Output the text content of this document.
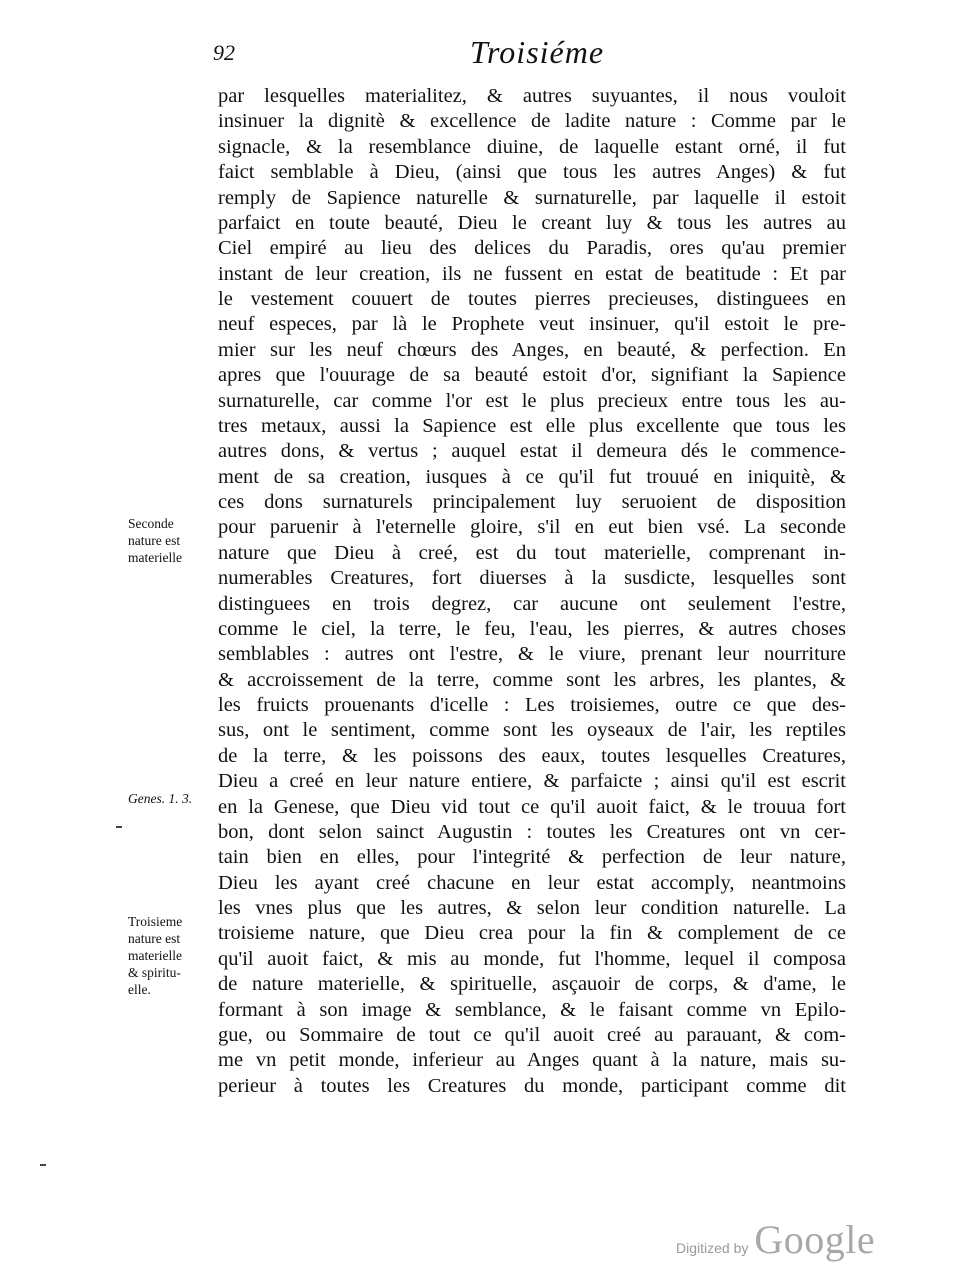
92	Troisiéme
par lesquelles materialitez, & autres suyuantes, il nous vouloit
insinuer la dignitè & excellence de ladite nature : Comme par le
signacle, & la resemblance diuine, de laquelle estant orné, il fut
faict semblable à Dieu, (ainsi que tous les autres Anges) & fut
remply de Sapience naturelle & surnaturelle, par laquelle il estoit
parfaict en toute beauté, Dieu le creant luy & tous les autres au
Ciel empiré au lieu des delices du Paradis, ores qu'au premier
instant de leur creation, ils ne fussent en estat de beatitude : Et par
le vestement couuert de toutes pierres precieuses, distinguees en
neuf especes, par là le Prophete veut insinuer, qu'il estoit le pre-
mier sur les neuf chœurs des Anges, en beauté, & perfection. En
apres que l'ouurage de sa beauté estoit d'or, signifiant la Sapience
surnaturelle, car comme l'or est le plus precieux entre tous les au-
tres metaux, aussi la Sapience est elle plus excellente que tous les
autres dons, & vertus ; auquel estat il demeura dés le commence-
ment de sa creation, iusques à ce qu'il fut trouué en iniquitè, &
ces dons surnaturels principalement luy seruoient de disposition
pour paruenir à l'eternelle gloire, s'il en eut bien vsé. La seconde
nature que Dieu à creé, est du tout materielle, comprenant in-
numerables Creatures, fort diuerses à la susdicte, lesquelles sont
distinguees en trois degrez, car aucune ont seulement l'estre,
comme le ciel, la terre, le feu, l'eau, les pierres, & autres choses
semblables : autres ont l'estre, & le viure, prenant leur nourriture
& accroissement de la terre, comme sont les arbres, les plantes, &
les fruicts prouenants d'icelle : Les troisiemes, outre ce que des-
sus, ont le sentiment, comme sont les oyseaux de l'air, les reptiles
de la terre, & les poissons des eaux, toutes lesquelles Creatures,
Dieu a creé en leur nature entiere, & parfaicte ; ainsi qu'il est escrit
en la Genese, que Dieu vid tout ce qu'il auoit faict, & le trouua fort
bon, dont selon sainct Augustin : toutes les Creatures ont vn cer-
tain bien en elles, pour l'integrité & perfection de leur nature,
Dieu les ayant creé chacune en leur estat accomply, neantmoins
les vnes plus que les autres, & selon leur condition naturelle. La
troisieme nature, que Dieu crea pour la fin & complement de ce
qu'il auoit faict, & mis au monde, fut l'homme, lequel il composa
de nature materielle, & spirituelle, asçauoir de corps, & d'ame, le
formant à son image & semblance, & le faisant comme vn Epilo-
gue, ou Sommaire de tout ce qu'il auoit creé au parauant, & com-
me vn petit monde, inferieur au Anges quant à la nature, mais su-
perieur à toutes les Creatures du monde, participant comme dit
Seconde
nature est
materielle
Genes. 1. 3.
Troisieme
nature est
materielle
& spiritu-
elle.
Digitized by Google
